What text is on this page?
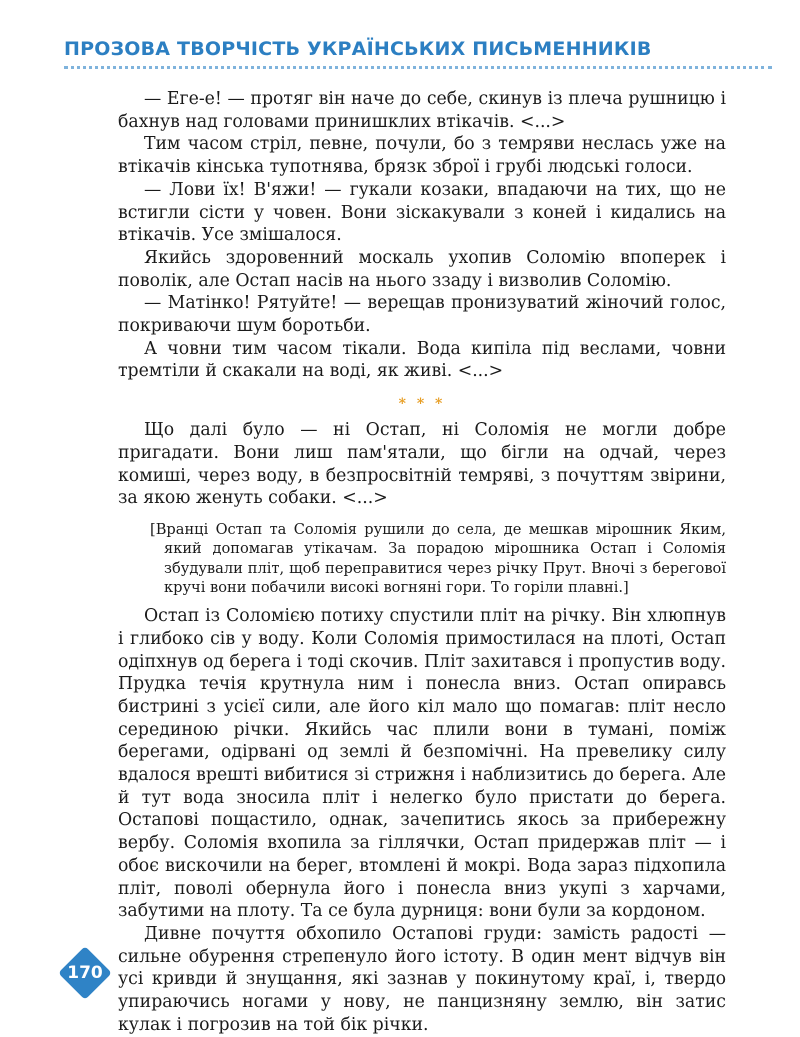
ПРОЗОВА ТВОРЧІСТЬ УКРАЇНСЬКИХ ПИСЬМЕННИКІВ

— Еге-е! — протяг він наче до себе, скинув із плеча рушницю і бахнув над головами принишклих втікачів. <...>

Тим часом стріл, певне, почули, бо з темряви неслась уже на втікачів кінська тупотнява, брязк зброї і грубі людські голоси.

— Лови їх! В'яжи! — гукали козаки, впадаючи на тих, що не встигли сісти у човен. Вони зіскакували з коней і кидались на втікачів. Усе змішалося.

Якийсь здоровенний москаль ухопив Соломію впоперек і поволік, але Остап насів на нього ззаду і визволив Соломію.

— Матінко! Рятуйте! — верещав пронизуватий жіночий голос, покриваючи шум боротьби.

А човни тим часом тікали. Вода кипіла під веслами, човни тремтіли й скакали на воді, як живі. <...>

* * *

Що далі було — ні Остап, ні Соломія не могли добре пригадати. Вони лиш пам'ятали, що бігли на одчай, через комиші, через воду, в безпросвітній темряві, з почуттям звірини, за якою женуть собаки. <...>

[Вранці Остап та Соломія рушили до села, де мешкав мірошник Яким, який допомагав утікачам. За порадою мірошника Остап і Соломія збудували пліт, щоб переправитися через річку Прут. Вночі з берегової кручі вони побачили високі вогняні гори. То горіли плавні.]

Остап із Соломією потиху спустили пліт на річку. Він хлюпнув і глибоко сів у воду. Коли Соломія примостилася на плоті, Остап одіпхнув од берега і тоді скочив. Пліт захитався і пропустив воду. Прудка течія крутнула ним і понесла вниз. Остап опиравсь бистрині з усієї сили, але його кіл мало що помагав: пліт несло серединою річки. Якийсь час плили вони в тумані, поміж берегами, одірвані од землі й безпомічні. На превелику силу вдалося врешті вибитися зі стрижня і наблизитись до берега. Але й тут вода зносила пліт і нелегко було пристати до берега. Остапові пощастило, однак, зачепитись якось за прибережну вербу. Соломія вхопила за гіллячки, Остап придержав пліт — і обоє вискочили на берег, втомлені й мокрі. Вода зараз підхопила пліт, поволі обернула його і понесла вниз укупі з харчами, забутими на плоту. Та се була дурниця: вони були за кордоном.

Дивне почуття обхопило Остапові груди: замість радості — сильне обурення стрепенуло його істоту. В один мент відчув він усі кривди й знущання, які зазнав у покинутому краї, і, твердо упираючись ногами у нову, не панцизняну землю, він затис кулак і погрозив на той бік річки.

170
